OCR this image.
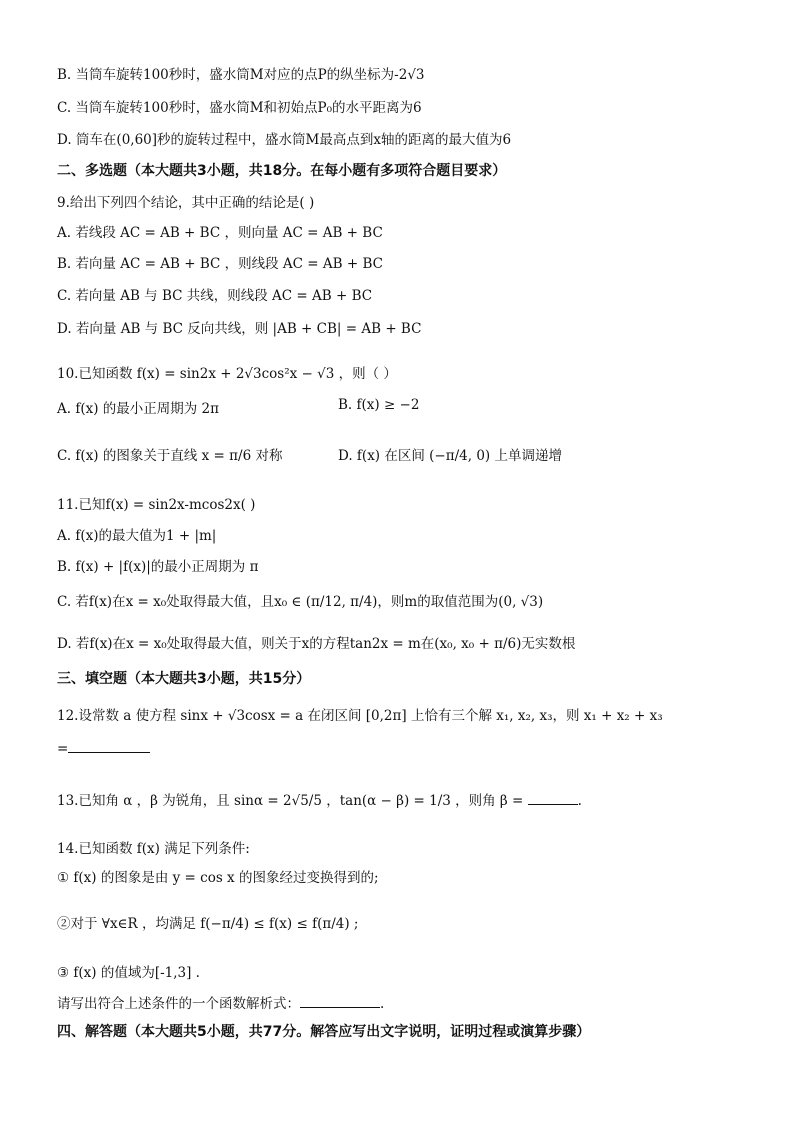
B. 当筒车旋转100秒时，盛水筒M对应的点P的纵坐标为-2√3
C. 当筒车旋转100秒时，盛水筒M和初始点P₀的水平距离为6
D. 筒车在(0,60]秒的旋转过程中，盛水筒M最高点到x轴的距离的最大值为6
二、多选题（本大题共3小题，共18分。在每小题有多项符合题目要求）
9.给出下列四个结论，其中正确的结论是( )
A. 若线段 AC = AB + BC ，则向量 AC = AB + BC
B. 若向量 AC = AB + BC ，则线段 AC = AB + BC
C. 若向量 AB 与 BC 共线，则线段 AC = AB + BC
D. 若向量 AB 与 BC 反向共线，则 |AB + CB| = AB + BC
10.已知函数 f(x) = sin2x + 2√3cos²x − √3 ，则（ ）
A. f(x) 的最小正周期为 2π	B. f(x) ≥ −2
C. f(x) 的图象关于直线 x = π/6 对称	D. f(x) 在区间 (−π/4, 0) 上单调递增
11.已知f(x) = sin2x-mcos2x( )
A. f(x)的最大值为1 + |m|
B. f(x) + |f(x)|的最小正周期为 π
C. 若f(x)在x = x₀处取得最大值，且x₀ ∈ (π/12, π/4)，则m的取值范围为(0, √3)
D. 若f(x)在x = x₀处取得最大值，则关于x的方程tan2x = m在(x₀, x₀ + π/6)无实数根
三、填空题（本大题共3小题，共15分）
12.设常数 a 使方程 sinx + √3cosx = a 在闭区间 [0,2π] 上恰有三个解 x₁, x₂, x₃，则 x₁ + x₂ + x₃
=
13.已知角 α ，β 为锐角，且 sinα = 2√5/5 ，tan(α − β) = 1/3 ，则角 β =	.
14.已知函数 f(x) 满足下列条件:
① f(x) 的图象是由 y = cos x 的图象经过变换得到的;
②对于 ∀x∈R ，均满足 f(−π/4) ≤ f(x) ≤ f(π/4) ;
③ f(x) 的值域为[-1,3] .
请写出符合上述条件的一个函数解析式：	.
四、解答题（本大题共5小题，共77分。解答应写出文字说明，证明过程或演算步骤）
